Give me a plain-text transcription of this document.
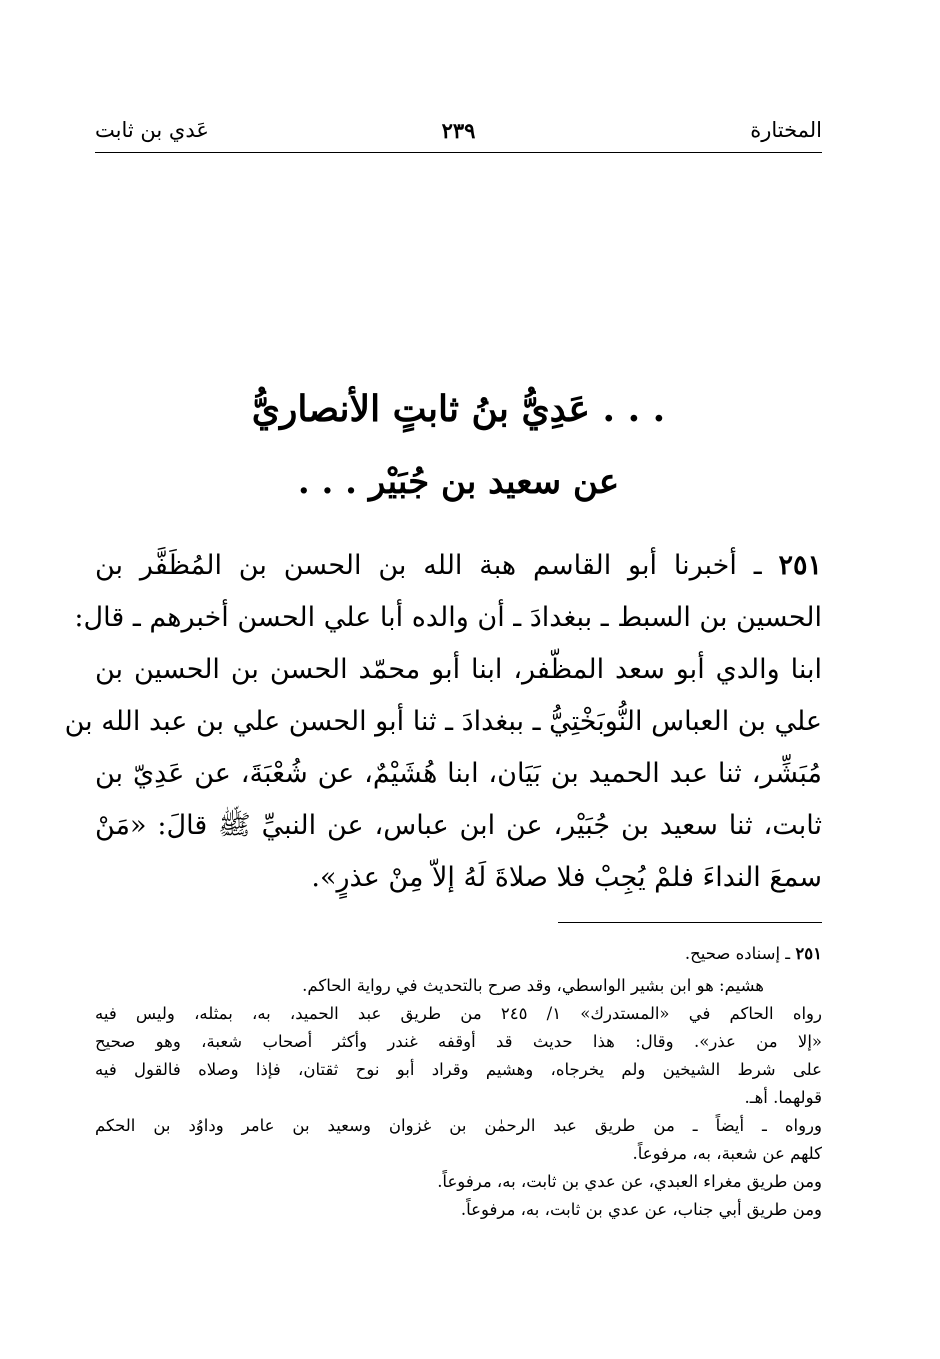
المختارة
٢٣٩
عَدي بن ثابت
. . . عَدِيُّ بنُ ثابتٍ الأنصاريُّ
عن سعيد بن جُبَيْر . . .
٢٥١ ـ أخبرنا أبو القاسم هبة الله بن الحسن بن المُظَفَّر بن
الحسين بن السبط ـ ببغدادَ ـ أن والده أبا علي الحسن أخبرهم ـ قال:
ابنا والدي أبو سعد المظّفر، ابنا أبو محمّد الحسن بن الحسين بن
علي بن العباس النُّوبَخْتِيُّ ـ ببغدادَ ـ ثنا أبو الحسن علي بن عبد الله بن
مُبَشِّر، ثنا عبد الحميد بن بَيَان، ابنا هُشَيْمٌ، عن شُعْبَةَ، عن عَدِيّ بن
ثابت، ثنا سعيد بن جُبَيْر، عن ابن عباس، عن النبيِّ ﷺ قالَ: «مَنْ
سمعَ النداءَ فلمْ يُجِبْ فلا صلاةَ لَهُ إلاّ مِنْ عذرٍ».
٢٥١ ـ إسناده صحيح.
هشيم: هو ابن بشير الواسطي، وقد صرح بالتحديث في رواية الحاكم.
رواه الحاكم في «المستدرك» ١/ ٢٤٥ من طريق عبد الحميد، به، بمثله، وليس فيه
«إلا من عذر». وقال: هذا حديث قد أوقفه غندر وأكثر أصحاب شعبة، وهو صحيح
على شرط الشيخين ولم يخرجاه، وهشيم وقراد أبو نوح ثقتان، فإذا وصلاه فالقول فيه
قولهما. أهـ.
ورواه ـ أيضاً ـ من طريق عبد الرحمٰن بن غزوان وسعيد بن عامر وداوُد بن الحكم
كلهم عن شعبة، به، مرفوعاً.
ومن طريق مغراء العبدي، عن عدي بن ثابت، به، مرفوعاً.
ومن طريق أبي جناب، عن عدي بن ثابت، به، مرفوعاً.
